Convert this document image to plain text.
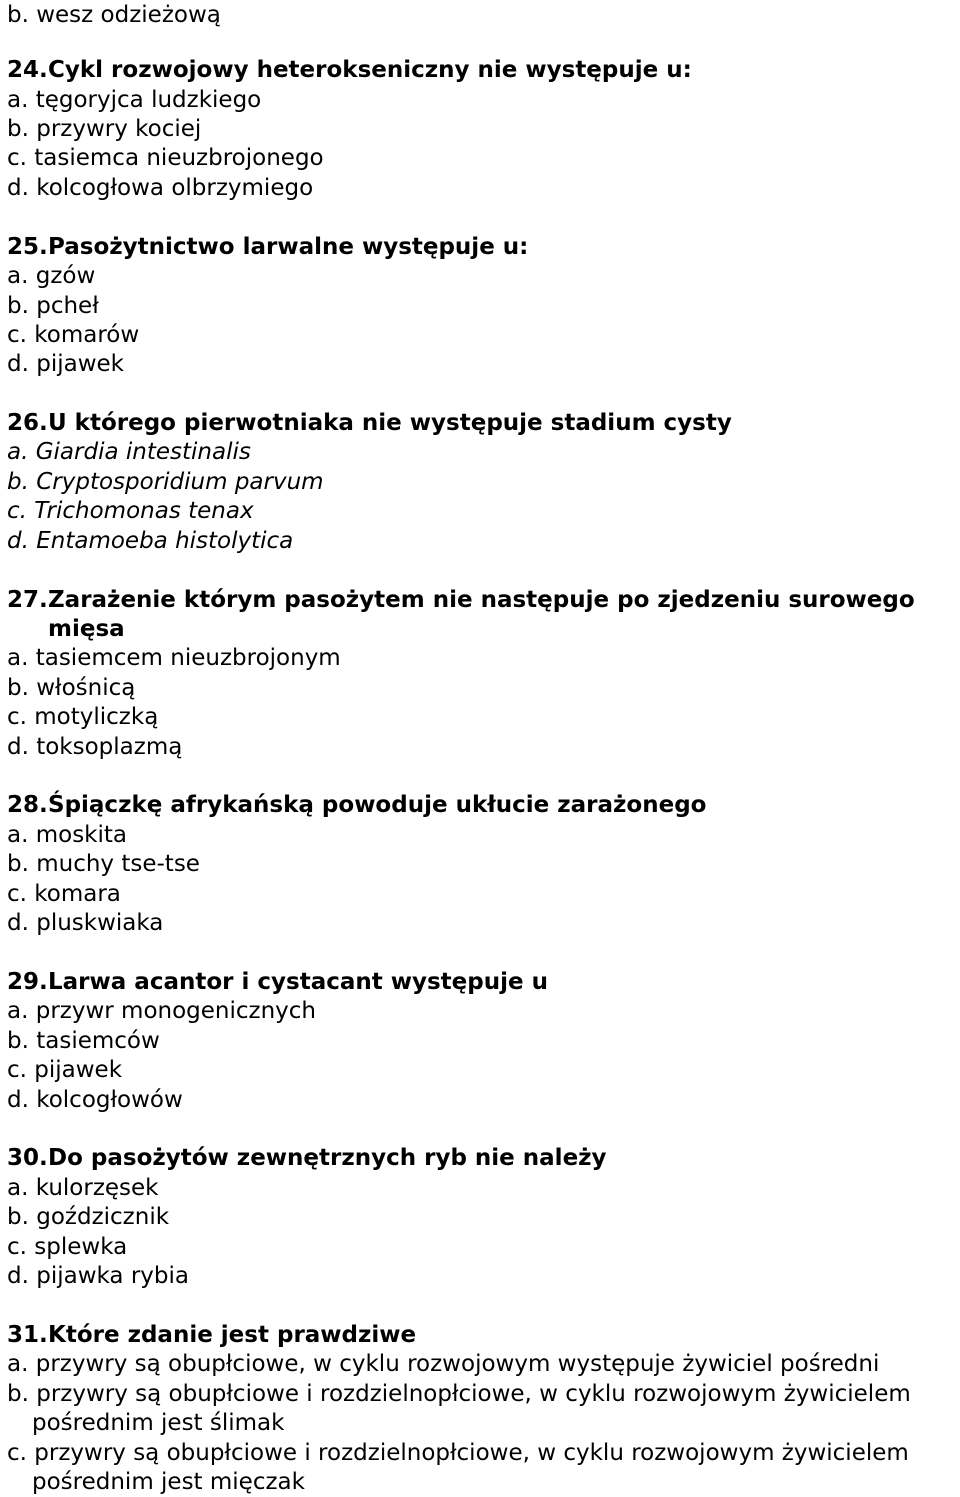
b. wesz odzieżową
24.Cykl rozwojowy heterokseniczny nie występuje u:
a. tęgoryjca ludzkiego
b. przywry kociej
c. tasiemca nieuzbrojonego
d. kolcogłowa olbrzymiego
25.Pasożytnictwo larwalne występuje u:
a. gzów
b. pcheł
c. komarów
d. pijawek
26.U którego pierwotniaka nie występuje stadium cysty
a. Giardia intestinalis
b. Cryptosporidium parvum
c. Trichomonas tenax
d. Entamoeba histolytica
27.Zarażenie którym pasożytem nie następuje po zjedzeniu surowego
mięsa
a. tasiemcem nieuzbrojonym
b. włośnicą
c. motyliczką
d. toksoplazmą
28.Śpiączkę afrykańską powoduje ukłucie zarażonego
a. moskita
b. muchy tse-tse
c. komara
d. pluskwiaka
29.Larwa acantor i cystacant występuje u
a. przywr monogenicznych
b. tasiemców
c. pijawek
d. kolcogłowów
30.Do pasożytów zewnętrznych ryb nie należy
a. kulorzęsek
b. goździcznik
c. splewka
d. pijawka rybia
31.Które zdanie jest prawdziwe
a. przywry są obupłciowe, w cyklu rozwojowym występuje żywiciel pośredni
b. przywry są obupłciowe i rozdzielnopłciowe, w cyklu rozwojowym żywicielem
pośrednim jest ślimak
c. przywry są obupłciowe i rozdzielnopłciowe, w cyklu rozwojowym żywicielem
pośrednim jest mięczak
